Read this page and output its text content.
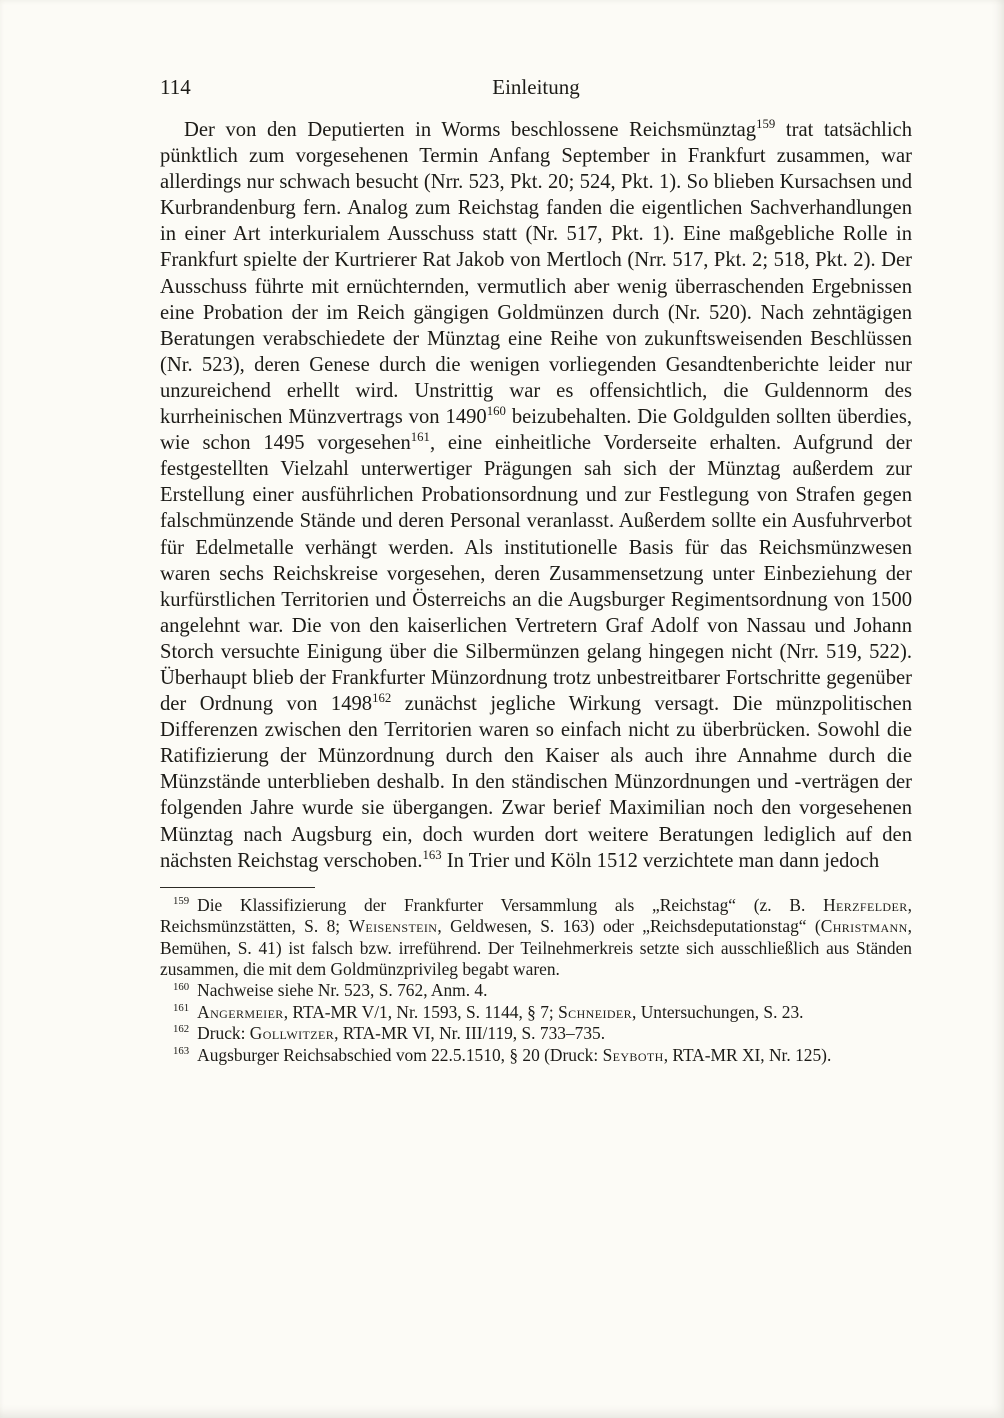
114	Einleitung

Der von den Deputierten in Worms beschlossene Reichsmünztag$^{159}$ trat tatsächlich pünktlich zum vorgesehenen Termin Anfang September in Frankfurt zusammen, war allerdings nur schwach besucht (Nrr. 523, Pkt. 20; 524, Pkt. 1). So blieben Kursachsen und Kurbrandenburg fern. Analog zum Reichstag fanden die eigentlichen Sachverhandlungen in einer Art interkurialem Ausschuss statt (Nr. 517, Pkt. 1). Eine maßgebliche Rolle in Frankfurt spielte der Kurtrierer Rat Jakob von Mertloch (Nrr. 517, Pkt. 2; 518, Pkt. 2). Der Ausschuss führte mit ernüchternden, vermutlich aber wenig überraschenden Ergebnissen eine Probation der im Reich gängigen Goldmünzen durch (Nr. 520). Nach zehntägigen Beratungen verabschiedete der Münztag eine Reihe von zukunftsweisenden Beschlüssen (Nr. 523), deren Genese durch die wenigen vorliegenden Gesandtenberichte leider nur unzureichend erhellt wird. Unstrittig war es offensichtlich, die Guldennorm des kurrheinischen Münzvertrags von 1490$^{160}$ beizubehalten. Die Goldgulden sollten überdies, wie schon 1495 vorgesehen$^{161}$, eine einheitliche Vorderseite erhalten. Aufgrund der festgestellten Vielzahl unterwertiger Prägungen sah sich der Münztag außerdem zur Erstellung einer ausführlichen Probationsordnung und zur Festlegung von Strafen gegen falschmünzende Stände und deren Personal veranlasst. Außerdem sollte ein Ausfuhrverbot für Edelmetalle verhängt werden. Als institutionelle Basis für das Reichsmünzwesen waren sechs Reichskreise vorgesehen, deren Zusammensetzung unter Einbeziehung der kurfürstlichen Territorien und Österreichs an die Augsburger Regimentsordnung von 1500 angelehnt war. Die von den kaiserlichen Vertretern Graf Adolf von Nassau und Johann Storch versuchte Einigung über die Silbermünzen gelang hingegen nicht (Nrr. 519, 522). Überhaupt blieb der Frankfurter Münzordnung trotz unbestreitbarer Fortschritte gegenüber der Ordnung von 1498$^{162}$ zunächst jegliche Wirkung versagt. Die münzpolitischen Differenzen zwischen den Territorien waren so einfach nicht zu überbrücken. Sowohl die Ratifizierung der Münzordnung durch den Kaiser als auch ihre Annahme durch die Münzstände unterblieben deshalb. In den ständischen Münzordnungen und -verträgen der folgenden Jahre wurde sie übergangen. Zwar berief Maximilian noch den vorgesehenen Münztag nach Augsburg ein, doch wurden dort weitere Beratungen lediglich auf den nächsten Reichstag verschoben.$^{163}$ In Trier und Köln 1512 verzichtete man dann jedoch

$^{159}$ Die Klassifizierung der Frankfurter Versammlung als „Reichstag“ (z. B. Herzfelder, Reichsmünzstätten, S. 8; Weisenstein, Geldwesen, S. 163) oder „Reichsdeputationstag“ (Christmann, Bemühen, S. 41) ist falsch bzw. irreführend. Der Teilnehmerkreis setzte sich ausschließlich aus Ständen zusammen, die mit dem Goldmünzprivileg begabt waren.

$^{160}$ Nachweise siehe Nr. 523, S. 762, Anm. 4.

$^{161}$ Angermeier, RTA-MR V/1, Nr. 1593, S. 1144, § 7; Schneider, Untersuchungen, S. 23.

$^{162}$ Druck: Gollwitzer, RTA-MR VI, Nr. III/119, S. 733–735.

$^{163}$ Augsburger Reichsabschied vom 22.5.1510, § 20 (Druck: Seyboth, RTA-MR XI, Nr. 125).
